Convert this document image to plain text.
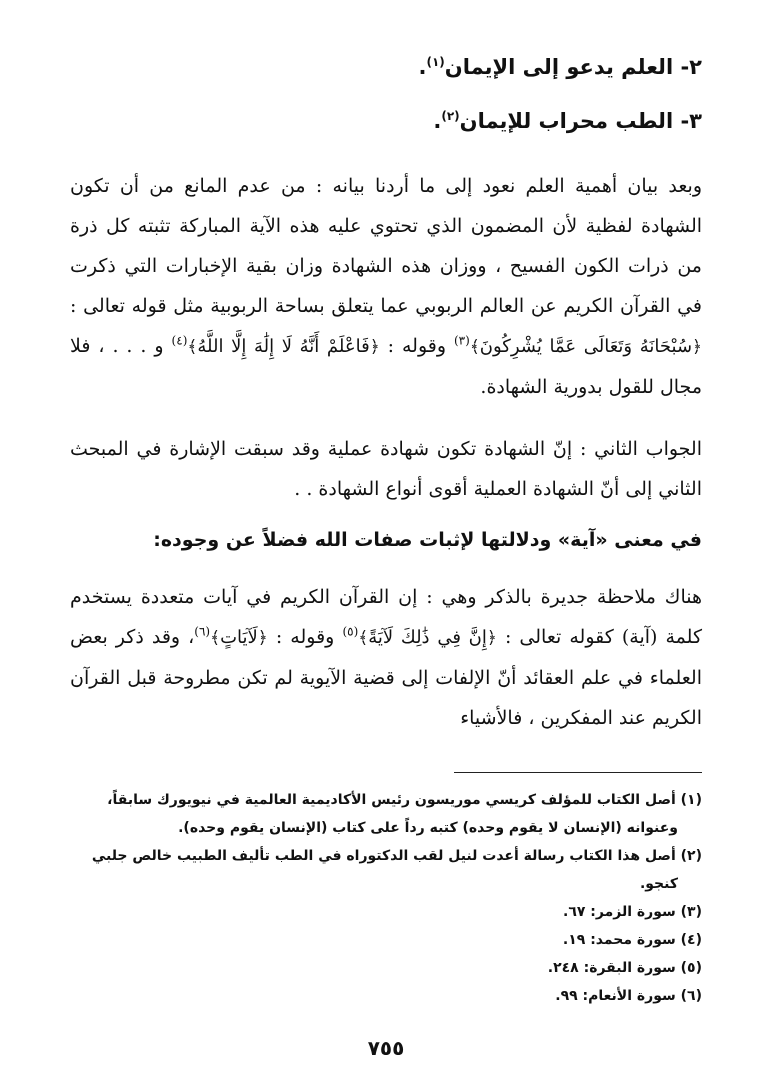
٢- العلم يدعو إلى الإيمان$^{(١)}$.
٣- الطب محراب للإيمان$^{(٢)}$.
وبعد بيان أهمية العلم نعود إلى ما أردنا بيانه : من عدم المانع من أن تكون الشهادة لفظية لأن المضمون الذي تحتوي عليه هذه الآية المباركة تثبته كل ذرة من ذرات الكون الفسيح ، ووزان هذه الشهادة وزان بقية الإخبارات التي ذكرت في القرآن الكريم عن العالم الربوبي عما يتعلق بساحة الربوبية مثل قوله تعالى : ﴿سُبْحَانَهُ وَتَعَالَى عَمَّا يُشْرِكُونَ﴾$^{(٣)}$ وقوله : ﴿فَاعْلَمْ أَنَّهُ لَا إِلَٰهَ إِلَّا اللَّهُ﴾$^{(٤)}$ و . . . ، فلا مجال للقول بدورية الشهادة.
الجواب الثاني : إنّ الشهادة تكون شهادة عملية وقد سبقت الإشارة في المبحث الثاني إلى أنّ الشهادة العملية أقوى أنواع الشهادة . .
في معنى «آية» ودلالتها لإثبات صفات الله فضلاً عن وجوده:
هناك ملاحظة جديرة بالذكر وهي : إن القرآن الكريم في آيات متعددة يستخدم كلمة (آية) كقوله تعالى : ﴿إِنَّ فِي ذَٰلِكَ لَآيَةً﴾$^{(٥)}$ وقوله : ﴿لَآيَاتٍ﴾$^{(٦)}$، وقد ذكر بعض العلماء في علم العقائد أنّ الإلفات إلى قضية الآيوية لم تكن مطروحة قبل القرآن الكريم عند المفكرين ، فالأشياء

(١) أصل الكتاب للمؤلف كريسي موريسون رئيس الأكاديمية العالمية في نيويورك سابقاً،

وعنوانه (الإنسان لا يقوم وحده) كتبه رداً على كتاب (الإنسان يقوم وحده).

(٢) أصل هذا الكتاب رسالة أعدت لنيل لقب الدكتوراه في الطب تأليف الطبيب خالص جلبي

كنجو.

(٣) سورة الزمر: ٦٧.

(٤) سورة محمد: ١٩.

(٥) سورة البقرة: ٢٤٨.

(٦) سورة الأنعام: ٩٩.

٧٥٥
